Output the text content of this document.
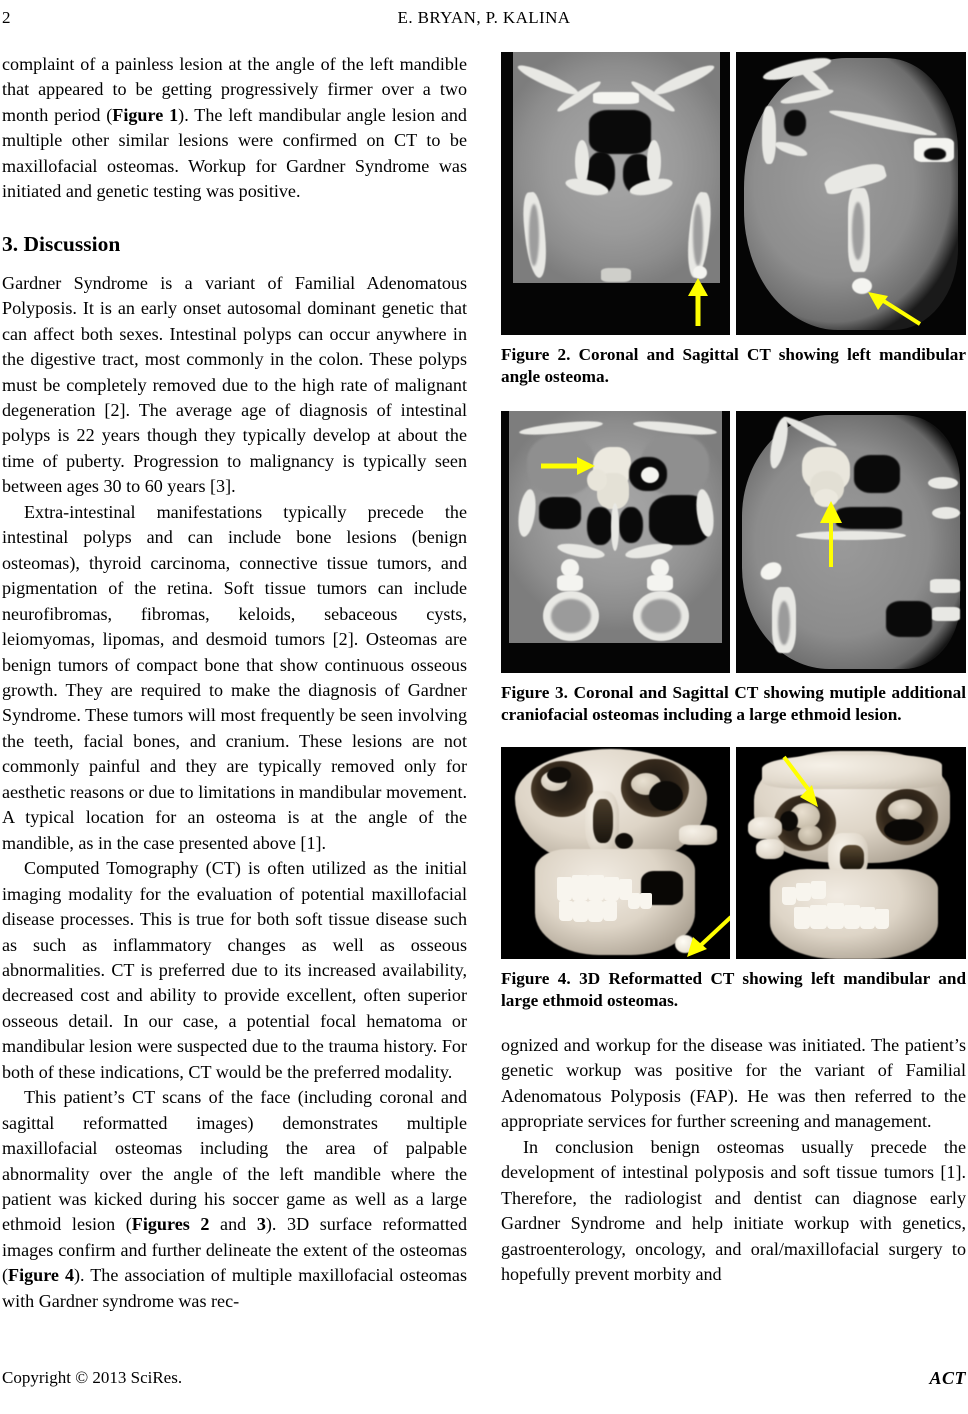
2	E. BRYAN, P. KALINA

complaint of a painless lesion at the angle of the left mandible that appeared to be getting progressively firmer over a two month period (Figure 1). The left mandibular angle lesion and multiple other similar lesions were confirmed on CT to be maxillofacial osteomas. Workup for Gardner Syndrome was initiated and genetic testing was positive.

3. Discussion

Gardner Syndrome is a variant of Familial Adenomatous Polyposis. It is an early onset autosomal dominant genetic that can affect both sexes. Intestinal polyps can occur anywhere in the digestive tract, most commonly in the colon. These polyps must be completely removed due to the high rate of malignant degeneration [2]. The average age of diagnosis of intestinal polyps is 22 years though they typically develop at about the time of puberty. Progression to malignancy is typically seen between ages 30 to 60 years [3].

Extra-intestinal manifestations typically precede the intestinal polyps and can include bone lesions (benign osteomas), thyroid carcinoma, connective tissue tumors, and pigmentation of the retina. Soft tissue tumors can include neurofibromas, fibromas, keloids, sebaceous cysts, leiomyomas, lipomas, and desmoid tumors [2]. Osteomas are benign tumors of compact bone that show continuous osseous growth. They are required to make the diagnosis of Gardner Syndrome. These tumors will most frequently be seen involving the teeth, facial bones, and cranium. These lesions are not commonly painful and they are typically removed only for aesthetic reasons or due to limitations in mandibular movement. A typical location for an osteoma is at the angle of the mandible, as in the case presented above [1].

Computed Tomography (CT) is often utilized as the initial imaging modality for the evaluation of potential maxillofacial disease processes. This is true for both soft tissue disease such as such as inflammatory changes as well as osseous abnormalities. CT is preferred due to its increased availability, decreased cost and ability to provide excellent, often superior osseous detail. In our case, a potential focal hematoma or mandibular lesion were suspected due to the trauma history. For both of these indications, CT would be the preferred modality.

This patient’s CT scans of the face (including coronal and sagittal reformatted images) demonstrates multiple maxillofacial osteomas including the area of palpable abnormality over the angle of the left mandible where the patient was kicked during his soccer game as well as a large ethmoid lesion (Figures 2 and 3). 3D surface reformatted images confirm and further delineate the extent of the osteomas (Figure 4). The association of multiple maxillofacial osteomas with Gardner syndrome was rec-

Figure 2. Coronal and Sagittal CT showing left mandibular angle osteoma.

Figure 3. Coronal and Sagittal CT showing mutiple additional craniofacial osteomas including a large ethmoid lesion.

Figure 4. 3D Reformatted CT showing left mandibular and large ethmoid osteomas.

ognized and workup for the disease was initiated. The patient’s genetic workup was positive for the variant of Familial Adenomatous Polyposis (FAP). He was then referred to the appropriate services for further screening and management.

In conclusion benign osteomas usually precede the development of intestinal polyposis and soft tissue tumors [1]. Therefore, the radiologist and dentist can diagnose early Gardner Syndrome and help initiate workup with genetics, gastroenterology, oncology, and oral/maxillofacial surgery to hopefully prevent morbity and

Copyright © 2013 SciRes.	ACT
